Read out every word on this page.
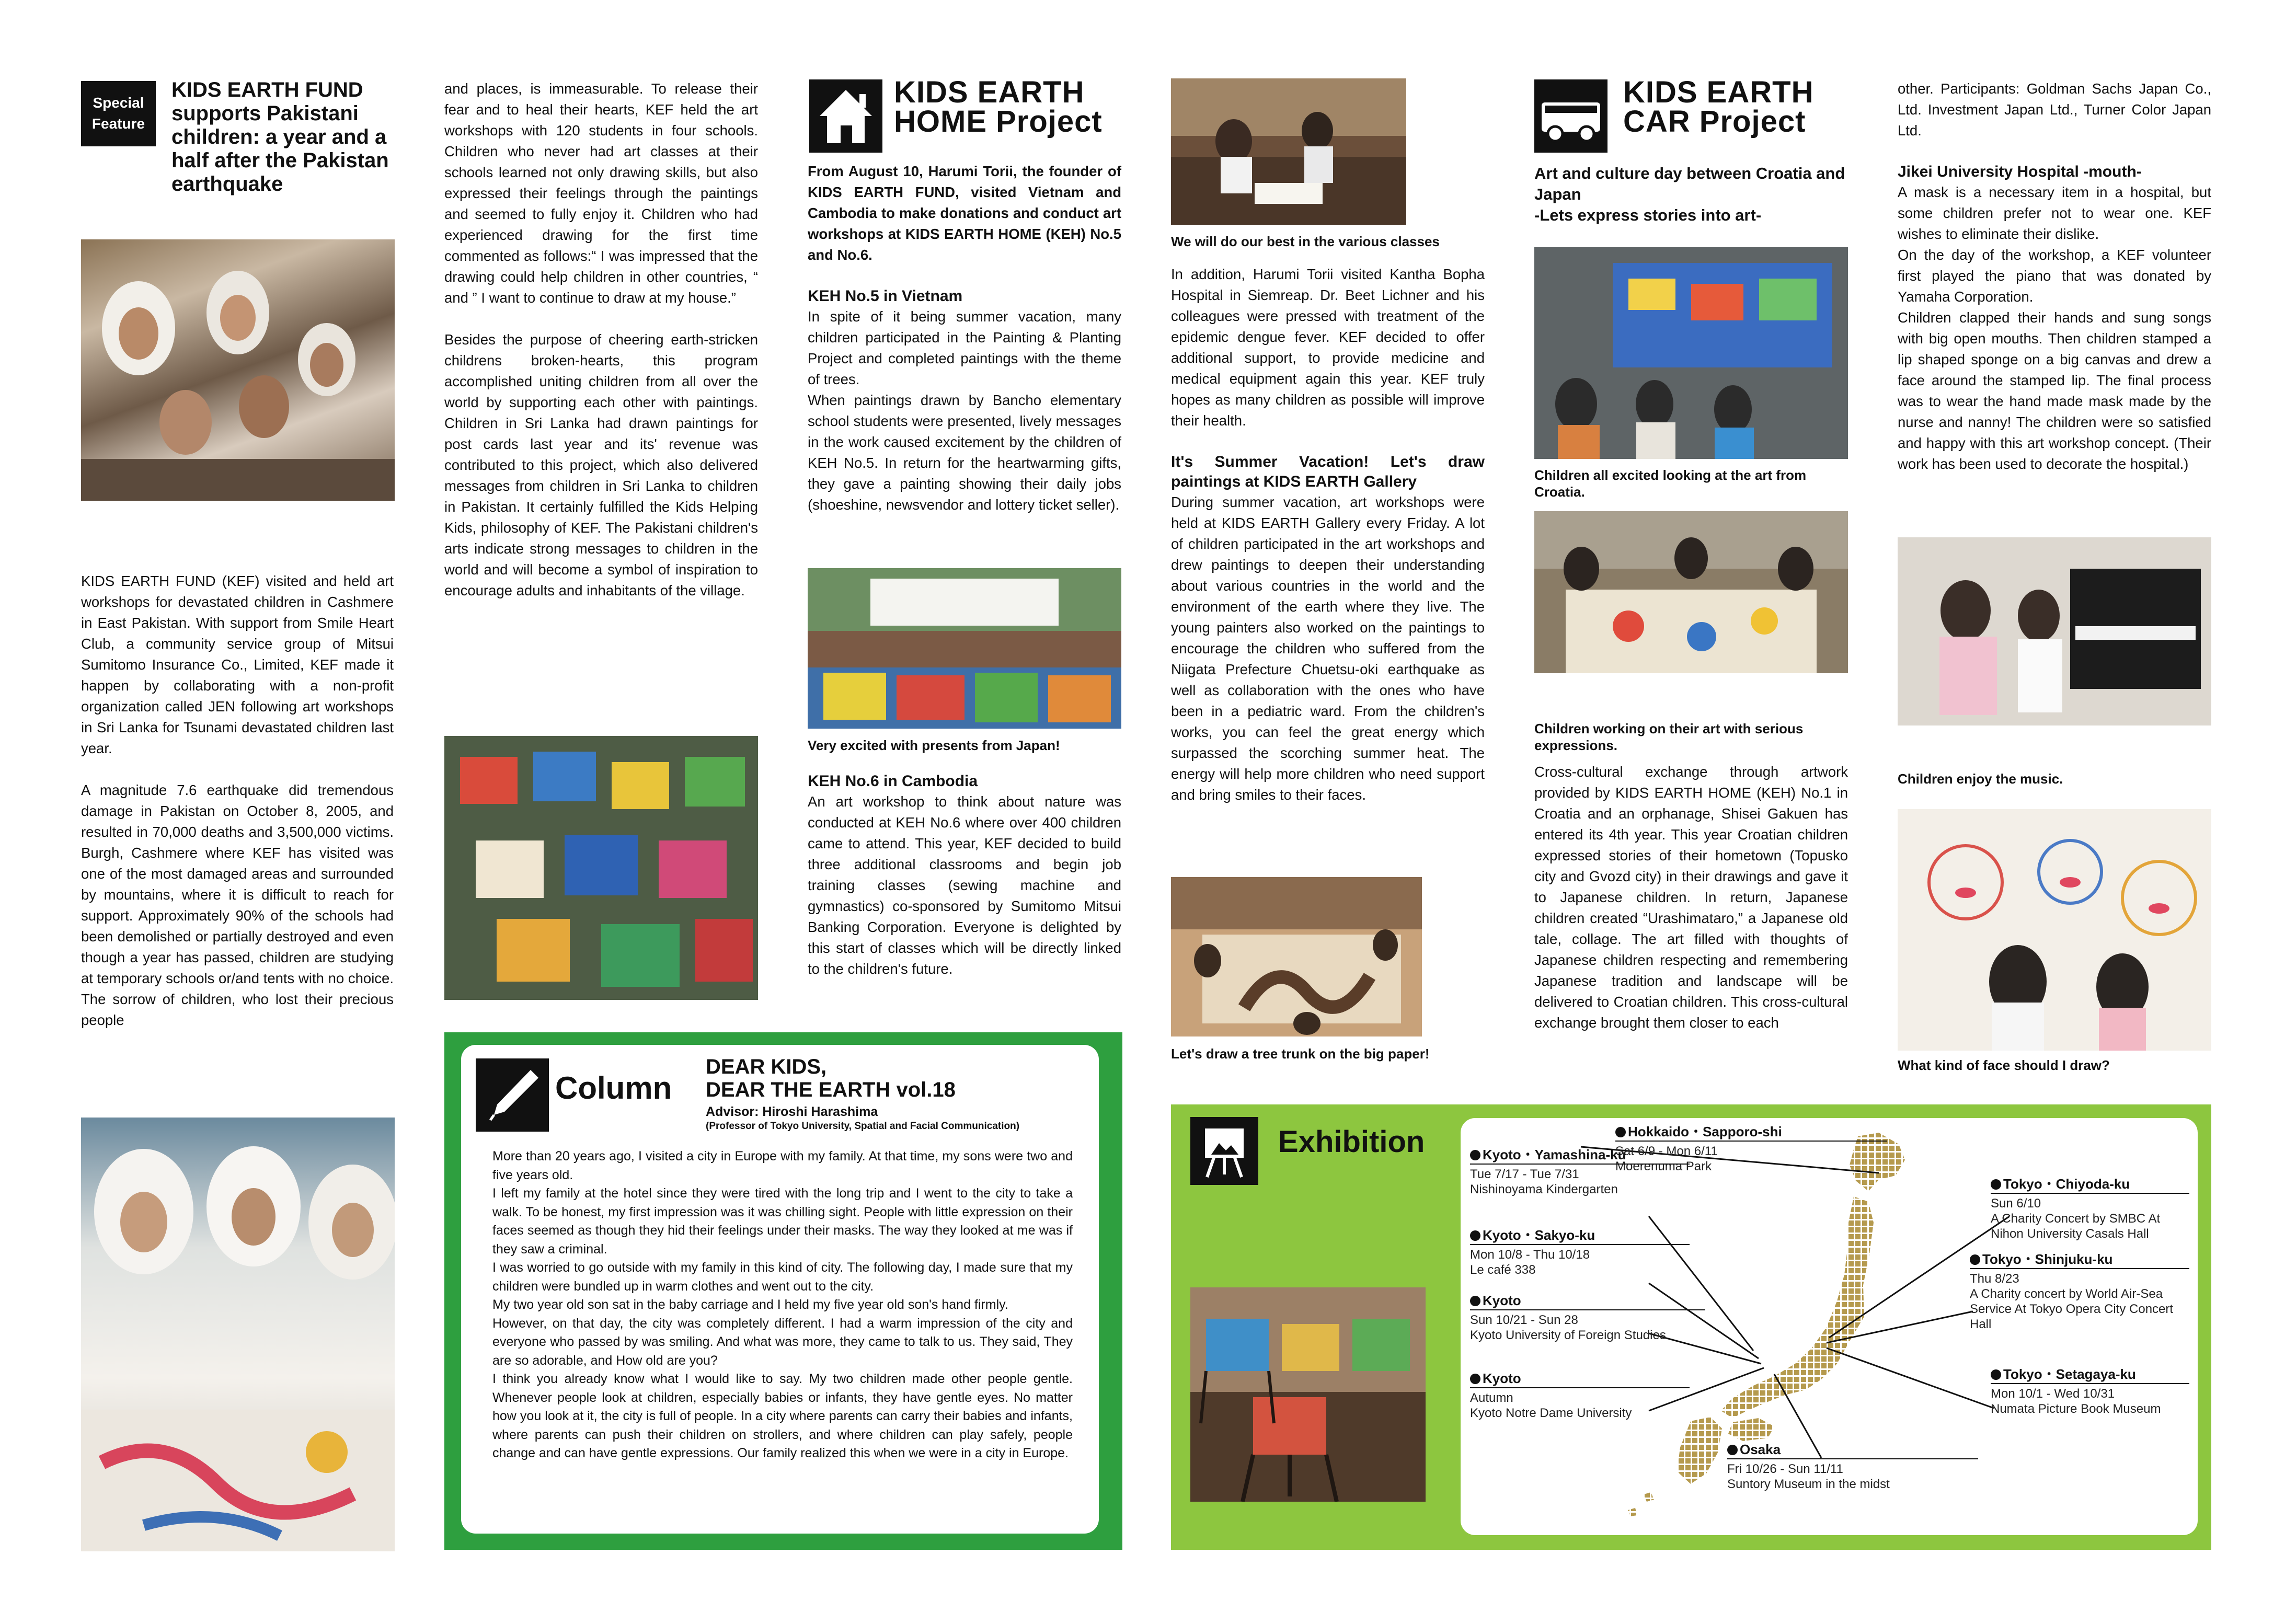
Special
Feature
KIDS EARTH FUND supports Pakistani children: a year and a half after the Pakistan earthquake

KIDS EARTH FUND (KEF) visited and held art workshops for devastated children in Cashmere in East Pakistan. With support from Smile Heart Club, a community service group of Mitsui Sumitomo Insurance Co., Limited, KEF made it happen by collaborating with a non-profit organization called JEN following art workshops in Sri Lanka for Tsunami devastated children last year.

A magnitude 7.6 earthquake did tremendous damage in Pakistan on October 8, 2005, and resulted in 70,000 deaths and 3,500,000 victims. Burgh, Cashmere where KEF has visited was one of the most damaged areas and surrounded by mountains, where it is difficult to reach for support. Approximately 90% of the schools had been demolished or partially destroyed and even though a year has passed, children are studying at temporary schools or/and tents with no choice. The sorrow of children, who lost their precious people

and places, is immeasurable. To release their fear and to heal their hearts, KEF held the art workshops with 120 students in four schools. Children who never had art classes at their schools learned not only drawing skills, but also expressed their feelings through the paintings and seemed to fully enjoy it. Children who had experienced drawing for the first time commented as follows:“ I was impressed that the drawing could help children in other countries, “ and ” I want to continue to draw at my house.”

Besides the purpose of cheering earth-stricken childrens broken-hearts, this program accomplished uniting children from all over the world by supporting each other with paintings. Children in Sri Lanka had drawn paintings for post cards last year and its' revenue was contributed to this project, which also delivered messages from children in Sri Lanka to children in Pakistan. It certainly fulfilled the Kids Helping Kids, philosophy of KEF. The Pakistani children's arts indicate strong messages to children in the world and will become a symbol of inspiration to encourage adults and inhabitants of the village.

Column
DEAR KIDS,
DEAR THE EARTH vol.18
Advisor: Hiroshi Harashima
(Professor of Tokyo University, Spatial and Facial Communication)
More than 20 years ago, I visited a city in Europe with my family. At that time, my sons were two and five years old.
I left my family at the hotel since they were tired with the long trip and I went to the city to take a walk. To be honest, my first impression was it was chilling sight. People with little expression on their faces seemed as though they hid their feelings under their masks. The way they looked at me was if they saw a criminal.
I was worried to go outside with my family in this kind of city. The following day, I made sure that my children were bundled up in warm clothes and went out to the city.
My two year old son sat in the baby carriage and I held my five year old son's hand firmly.
However, on that day, the city was completely different. I had a warm impression of the city and everyone who passed by was smiling. And what was more, they came to talk to us. They said, They are so adorable, and How old are you?
I think you already know what I would like to say. My two children made other people gentle. Whenever people look at children, especially babies or infants, they have gentle eyes. No matter how you look at it, the city is full of people. In a city where parents can carry their babies and infants, where parents can push their children on strollers, and where children can play safely, people change and can have gentle expressions. Our family realized this when we were in a city in Europe.
KIDS EARTH
HOME Project

From August 10, Harumi Torii, the founder of KIDS EARTH FUND, visited Vietnam and Cambodia to make donations and conduct art workshops at KIDS EARTH HOME (KEH) No.5 and No.6.

KEH No.5 in Vietnam

In spite of it being summer vacation, many children participated in the Painting & Planting Project and completed paintings with the theme of trees.

When paintings drawn by Bancho elementary school students were presented, lively messages in the work caused excitement by the children of KEH No.5. In return for the heartwarming gifts, they gave a painting showing their daily jobs (shoeshine, newsvendor and lottery ticket seller).

Very excited with presents from Japan!
KEH No.6 in Cambodia

An art workshop to think about nature was conducted at KEH No.6 where over 400 children came to attend. This year, KEF decided to build three additional classrooms and begin job training classes (sewing machine and gymnastics) co-sponsored by Sumitomo Mitsui Banking Corporation. Everyone is delighted by this start of classes which will be directly linked to the children's future.

We will do our best in the various classes

In addition, Harumi Torii visited Kantha Bopha Hospital in Siemreap. Dr. Beet Lichner and his colleagues were pressed with treatment of the epidemic dengue fever. KEF decided to offer additional support, to provide medicine and medical equipment again this year. KEF truly hopes as many children as possible will improve their health.

It's Summer Vacation! Let's draw paintings at KIDS EARTH Gallery

During summer vacation, art workshops were held at KIDS EARTH Gallery every Friday. A lot of children participated in the art workshops and drew paintings to deepen their understanding about various countries in the world and the environment of the earth where they live. The young painters also worked on the paintings to encourage the children who suffered from the Niigata Prefecture Chuetsu-oki earthquake as well as collaboration with the ones who have been in a pediatric ward. From the children's works, you can feel the great energy which surpassed the scorching summer heat. The energy will help more children who need support and bring smiles to their faces.

Let's draw a tree trunk on the big paper!
KIDS EARTH
CAR Project
Art and culture day between Croatia and Japan
-Lets express stories into art-
Children all excited looking at the art from Croatia.
Children working on their art with serious expressions.
Cross-cultural exchange through artwork provided by KIDS EARTH HOME (KEH) No.1 in Croatia and an orphanage, Shisei Gakuen has entered its 4th year. This year Croatian children expressed stories of their hometown (Topusko city and Gvozd city) in their drawings and gave it to Japanese children. In return, Japanese children created “Urashimataro,” a Japanese old tale, collage. The art filled with thoughts of Japanese children respecting and remembering Japanese tradition and landscape will be delivered to Croatian children. This cross-cultural exchange brought them closer to each

other. Participants: Goldman Sachs Japan Co., Ltd. Investment Japan Ltd., Turner Color Japan Ltd.

Jikei University Hospital -mouth-

A mask is a necessary item in a hospital, but some children prefer not to wear one. KEF wishes to eliminate their dislike.

On the day of the workshop, a KEF volunteer first played the piano that was donated by Yamaha Corporation.

Children clapped their hands and sung songs with big open mouths. Then children stamped a lip shaped sponge on a big canvas and drew a face around the stamped lip. The final process was to wear the hand made mask made by the nurse and nanny! The children were so satisfied and happy with this art workshop concept. (Their work has been used to decorate the hospital.)

Children enjoy the music.
What kind of face should I draw?
Exhibition	Hokkaido・Sapporo-shi
Sat 6/9 - Mon 6/11
Moerenuma Park
Kyoto・Yamashina-ku
Tue 7/17 - Tue 7/31
Nishinoyama Kindergarten
Kyoto・Sakyo-ku
Mon 10/8 - Thu 10/18
Le café 338
Kyoto
Sun 10/21 - Sun 28
Kyoto University of Foreign Studies
Kyoto
Autumn
Kyoto Notre Dame University
Osaka
Fri 10/26 - Sun 11/11
Suntory Museum in the midst
Tokyo・Chiyoda-ku
Sun 6/10
A Charity Concert by SMBC At Nihon University Casals Hall
Tokyo・Shinjuku-ku
Thu 8/23
A Charity concert by World Air-Sea Service At Tokyo Opera City Concert Hall
Tokyo・Setagaya-ku
Mon 10/1 - Wed 10/31
Numata Picture Book Museum
